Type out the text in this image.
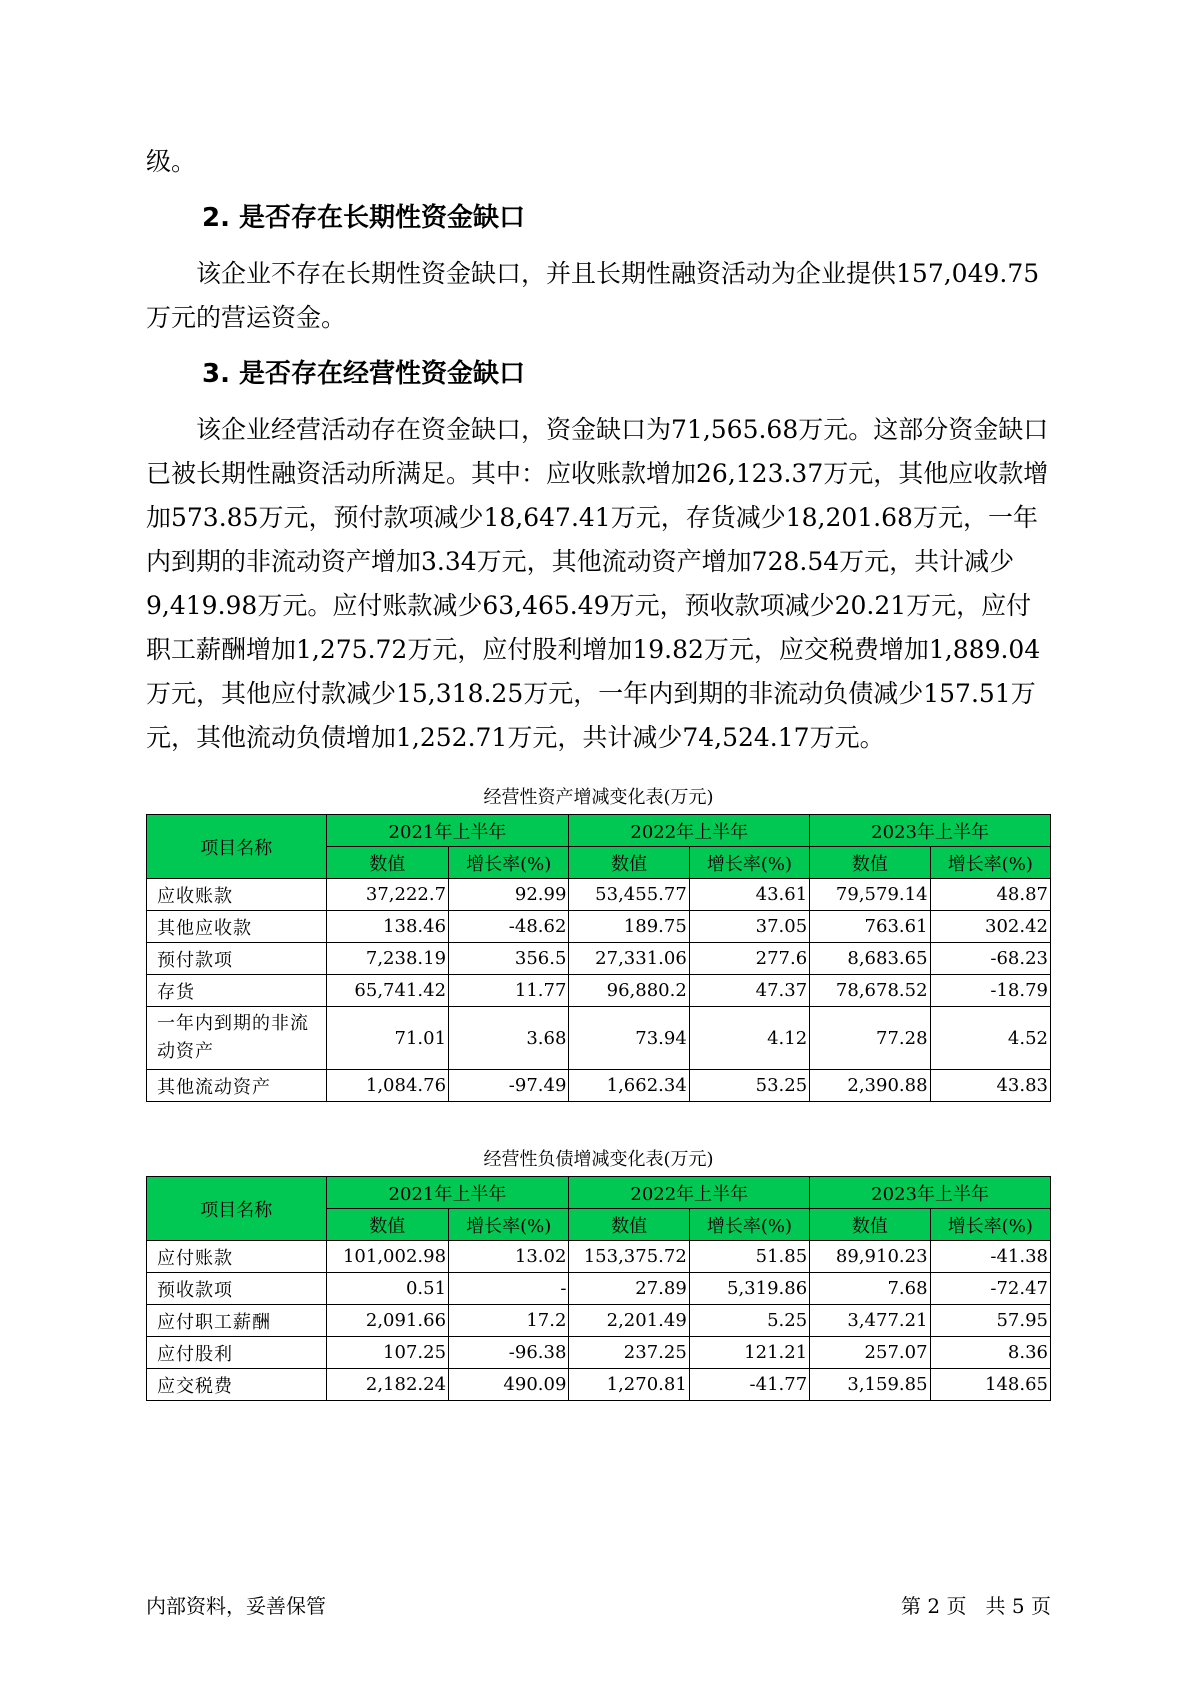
级。

2. 是否存在长期性资金缺口

该企业不存在长期性资金缺口，并且长期性融资活动为企业提供157,049.75万元的营运资金。

3. 是否存在经营性资金缺口

该企业经营活动存在资金缺口，资金缺口为71,565.68万元。这部分资金缺口已被长期性融资活动所满足。其中：应收账款增加26,123.37万元，其他应收款增加573.85万元，预付款项减少18,647.41万元，存货减少18,201.68万元，一年内到期的非流动资产增加3.34万元，其他流动资产增加728.54万元，共计减少9,419.98万元。应付账款减少63,465.49万元，预收款项减少20.21万元，应付职工薪酬增加1,275.72万元，应付股利增加19.82万元，应交税费增加1,889.04万元，其他应付款减少15,318.25万元，一年内到期的非流动负债减少157.51万元，其他流动负债增加1,252.71万元，共计减少74,524.17万元。

经营性资产增减变化表(万元)
项目名称	2021年上半年		2022年上半年		2023年上半年	
	数值	增长率(%)	数值	增长率(%)	数值	增长率(%)
应收账款	37,222.7	92.99	53,455.77	43.61	79,579.14	48.87
其他应收款	138.46	-48.62	189.75	37.05	763.61	302.42
预付款项	7,238.19	356.5	27,331.06	277.6	8,683.65	-68.23
存货	65,741.42	11.77	96,880.2	47.37	78,678.52	-18.79
一年内到期的非流动资产	71.01	3.68	73.94	4.12	77.28	4.52
其他流动资产	1,084.76	-97.49	1,662.34	53.25	2,390.88	43.83
经营性负债增减变化表(万元)
项目名称	2021年上半年		2022年上半年		2023年上半年	
	数值	增长率(%)	数值	增长率(%)	数值	增长率(%)
应付账款	101,002.98	13.02	153,375.72	51.85	89,910.23	-41.38
预收款项	0.51	-	27.89	5,319.86	7.68	-72.47
应付职工薪酬	2,091.66	17.2	2,201.49	5.25	3,477.21	57.95
应付股利	107.25	-96.38	237.25	121.21	257.07	8.36
应交税费	2,182.24	490.09	1,270.81	-41.77	3,159.85	148.65
内部资料，妥善保管	第 2 页   共 5 页
